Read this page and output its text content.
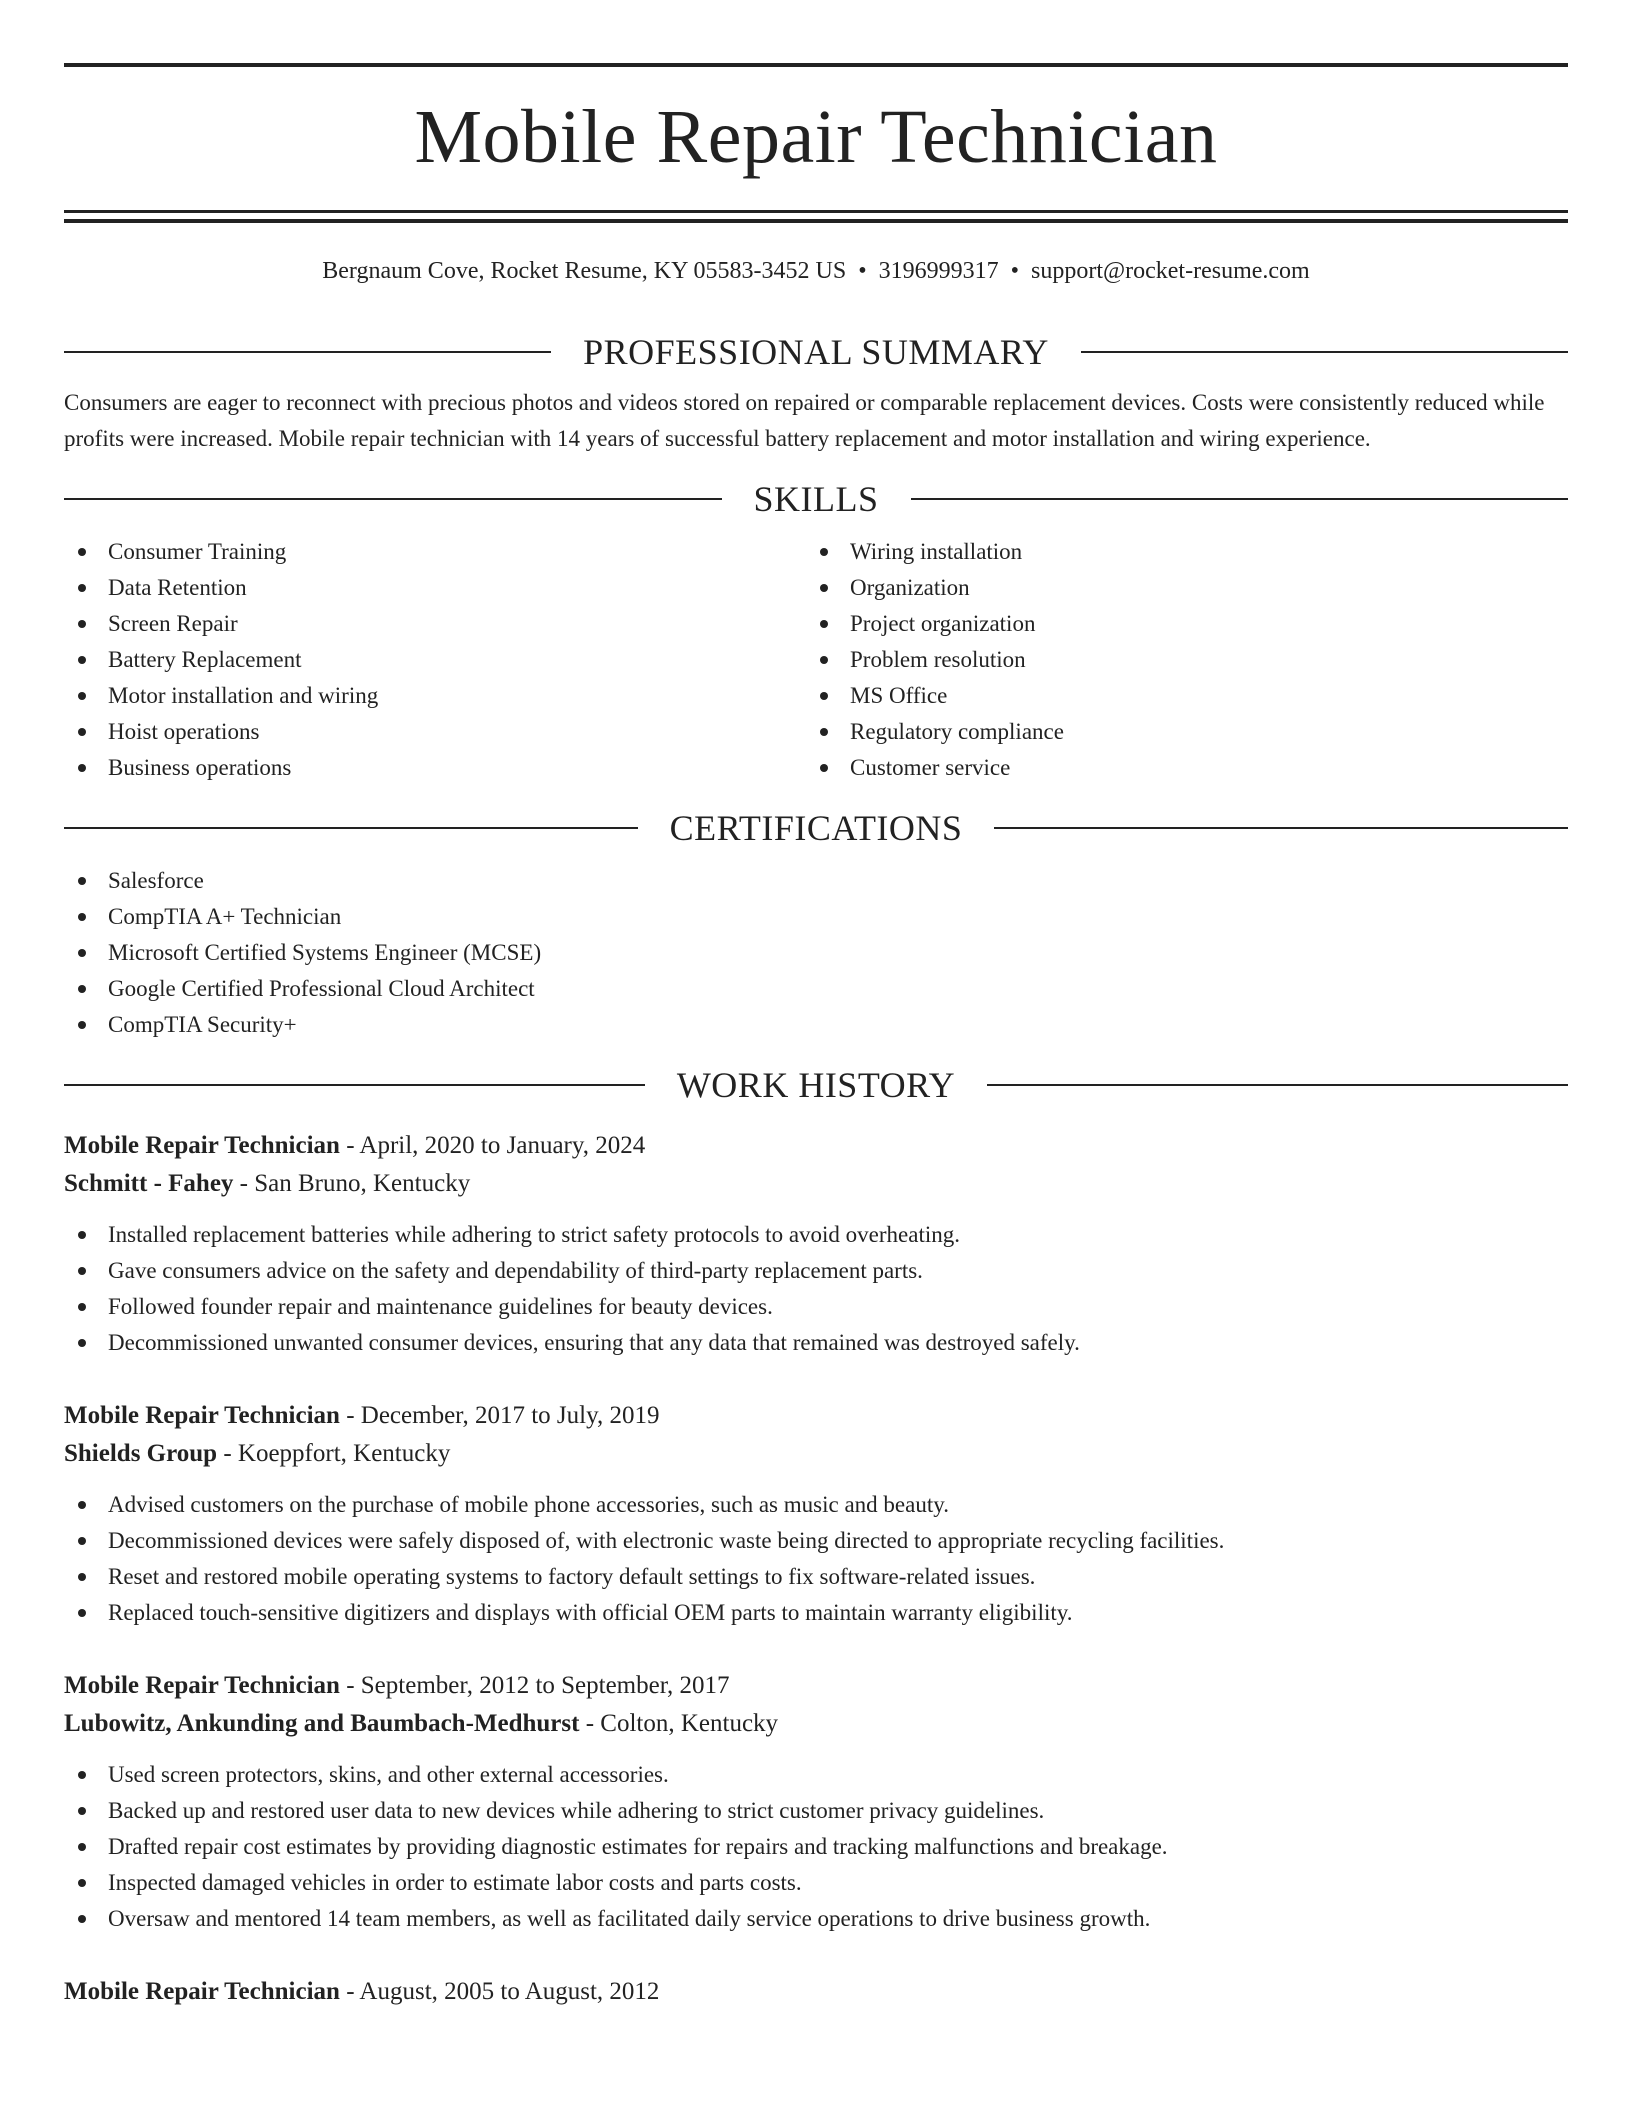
Mobile Repair Technician
Bergnaum Cove, Rocket Resume, KY 05583-3452 US • 3196999317 • support@rocket-resume.com
PROFESSIONAL SUMMARY
Consumers are eager to reconnect with precious photos and videos stored on repaired or comparable replacement devices. Costs were consistently reduced while profits were increased. Mobile repair technician with 14 years of successful battery replacement and motor installation and wiring experience.
SKILLS
Consumer Training
Data Retention
Screen Repair
Battery Replacement
Motor installation and wiring
Hoist operations
Business operations
Wiring installation
Organization
Project organization
Problem resolution
MS Office
Regulatory compliance
Customer service
CERTIFICATIONS
Salesforce
CompTIA A+ Technician
Microsoft Certified Systems Engineer (MCSE)
Google Certified Professional Cloud Architect
CompTIA Security+
WORK HISTORY
Mobile Repair Technician - April, 2020 to January, 2024
Schmitt - Fahey - San Bruno, Kentucky
Installed replacement batteries while adhering to strict safety protocols to avoid overheating.
Gave consumers advice on the safety and dependability of third-party replacement parts.
Followed founder repair and maintenance guidelines for beauty devices.
Decommissioned unwanted consumer devices, ensuring that any data that remained was destroyed safely.
Mobile Repair Technician - December, 2017 to July, 2019
Shields Group - Koeppfort, Kentucky
Advised customers on the purchase of mobile phone accessories, such as music and beauty.
Decommissioned devices were safely disposed of, with electronic waste being directed to appropriate recycling facilities.
Reset and restored mobile operating systems to factory default settings to fix software-related issues.
Replaced touch-sensitive digitizers and displays with official OEM parts to maintain warranty eligibility.
Mobile Repair Technician - September, 2012 to September, 2017
Lubowitz, Ankunding and Baumbach-Medhurst - Colton, Kentucky
Used screen protectors, skins, and other external accessories.
Backed up and restored user data to new devices while adhering to strict customer privacy guidelines.
Drafted repair cost estimates by providing diagnostic estimates for repairs and tracking malfunctions and breakage.
Inspected damaged vehicles in order to estimate labor costs and parts costs.
Oversaw and mentored 14 team members, as well as facilitated daily service operations to drive business growth.
Mobile Repair Technician - August, 2005 to August, 2012
